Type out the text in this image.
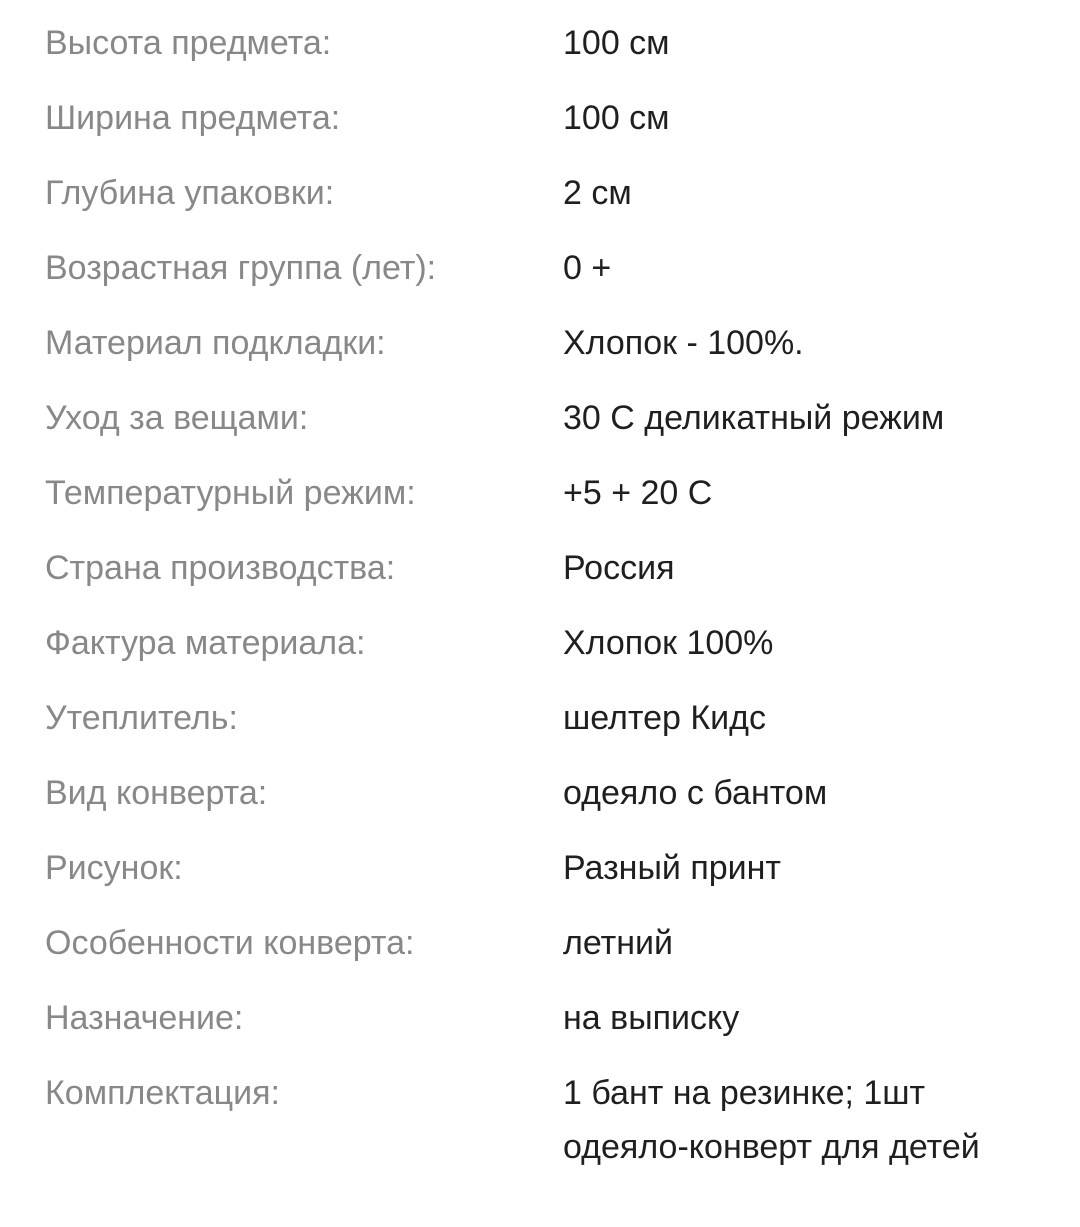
Высота предмета:	100 см
Ширина предмета:	100 см
Глубина упаковки:	2 см
Возрастная группа (лет):	0 +
Материал подкладки:	Хлопок - 100%.
Уход за вещами:	30 С деликатный режим
Температурный режим:	+5 + 20 С
Страна производства:	Россия
Фактура материала:	Хлопок 100%
Утеплитель:	шелтер Кидс
Вид конверта:	одеяло с бантом
Рисунок:	Разный принт
Особенности конверта:	летний
Назначение:	на выписку
Комплектация:	1 бант на резинке; 1шт одеяло-конверт для детей
